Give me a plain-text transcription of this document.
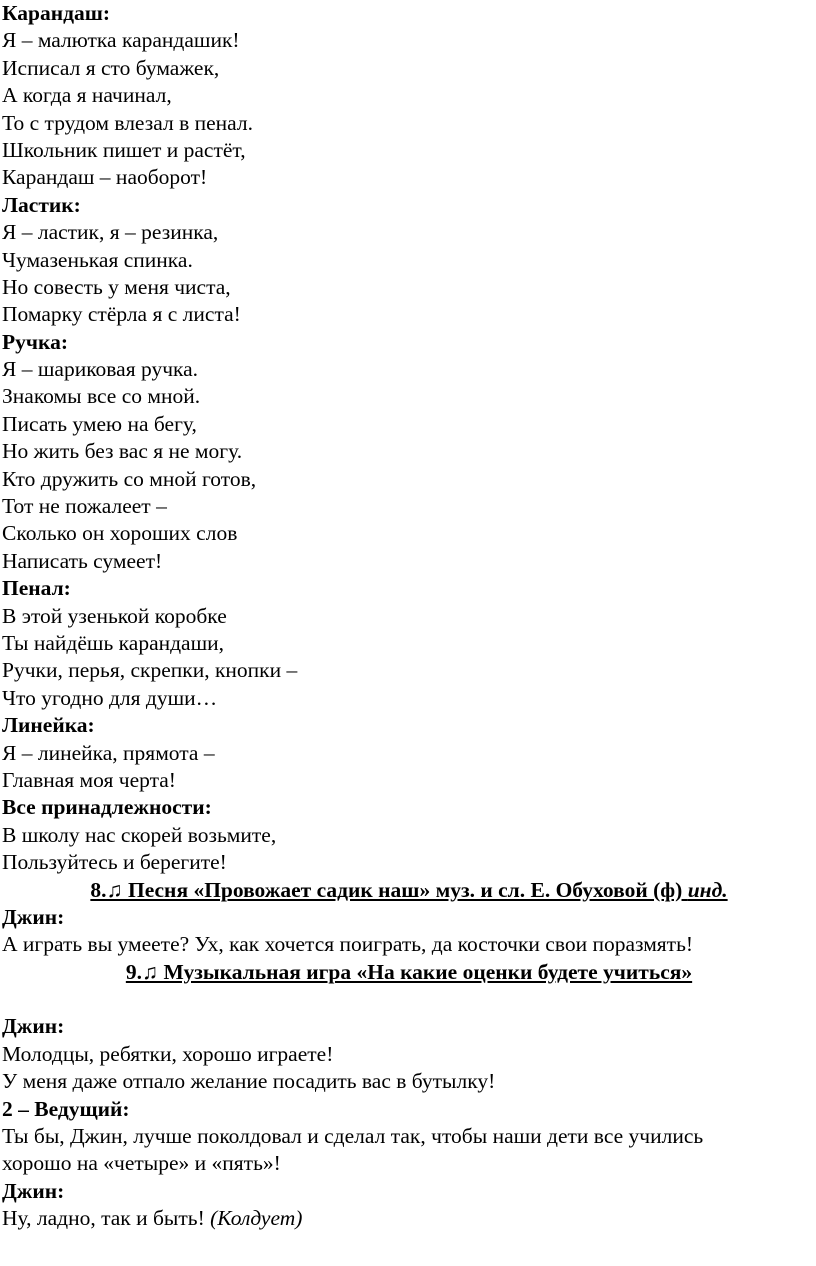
Карандаш:
Я – малютка карандашик!
Исписал я сто бумажек,
А когда я начинал,
То с трудом влезал в пенал.
Школьник пишет и растёт,
Карандаш – наоборот!
Ластик:
Я – ластик, я – резинка,
Чумазенькая спинка.
Но совесть у меня чиста,
Помарку стёрла я с листа!
Ручка:
Я – шариковая ручка.
Знакомы все со мной.
Писать умею на бегу,
Но жить без вас я не могу.
Кто дружить со мной готов,
Тот не пожалеет –
Сколько он хороших слов
Написать сумеет!
Пенал:
В этой узенькой коробке
Ты найдёшь карандаши,
Ручки, перья, скрепки, кнопки –
Что угодно для души…
Линейка:
Я – линейка, прямота –
Главная моя черта!
Все принадлежности:
В школу нас скорей возьмите,
Пользуйтесь и берегите!
8.♫ Песня «Провожает садик наш» муз. и сл. Е. Обуховой (ф) инд.
Джин:
А играть вы умеете? Ух, как хочется поиграть, да косточки свои поразмять!
9.♫ Музыкальная игра «На какие оценки будете учиться»
Джин:
Молодцы, ребятки, хорошо играете!
У меня даже отпало желание посадить вас в бутылку!
2 – Ведущий:
Ты бы, Джин, лучше поколдовал и сделал так, чтобы наши дети все учились
хорошо на «четыре» и «пять»!
Джин:
Ну, ладно, так и быть! (Колдует)
